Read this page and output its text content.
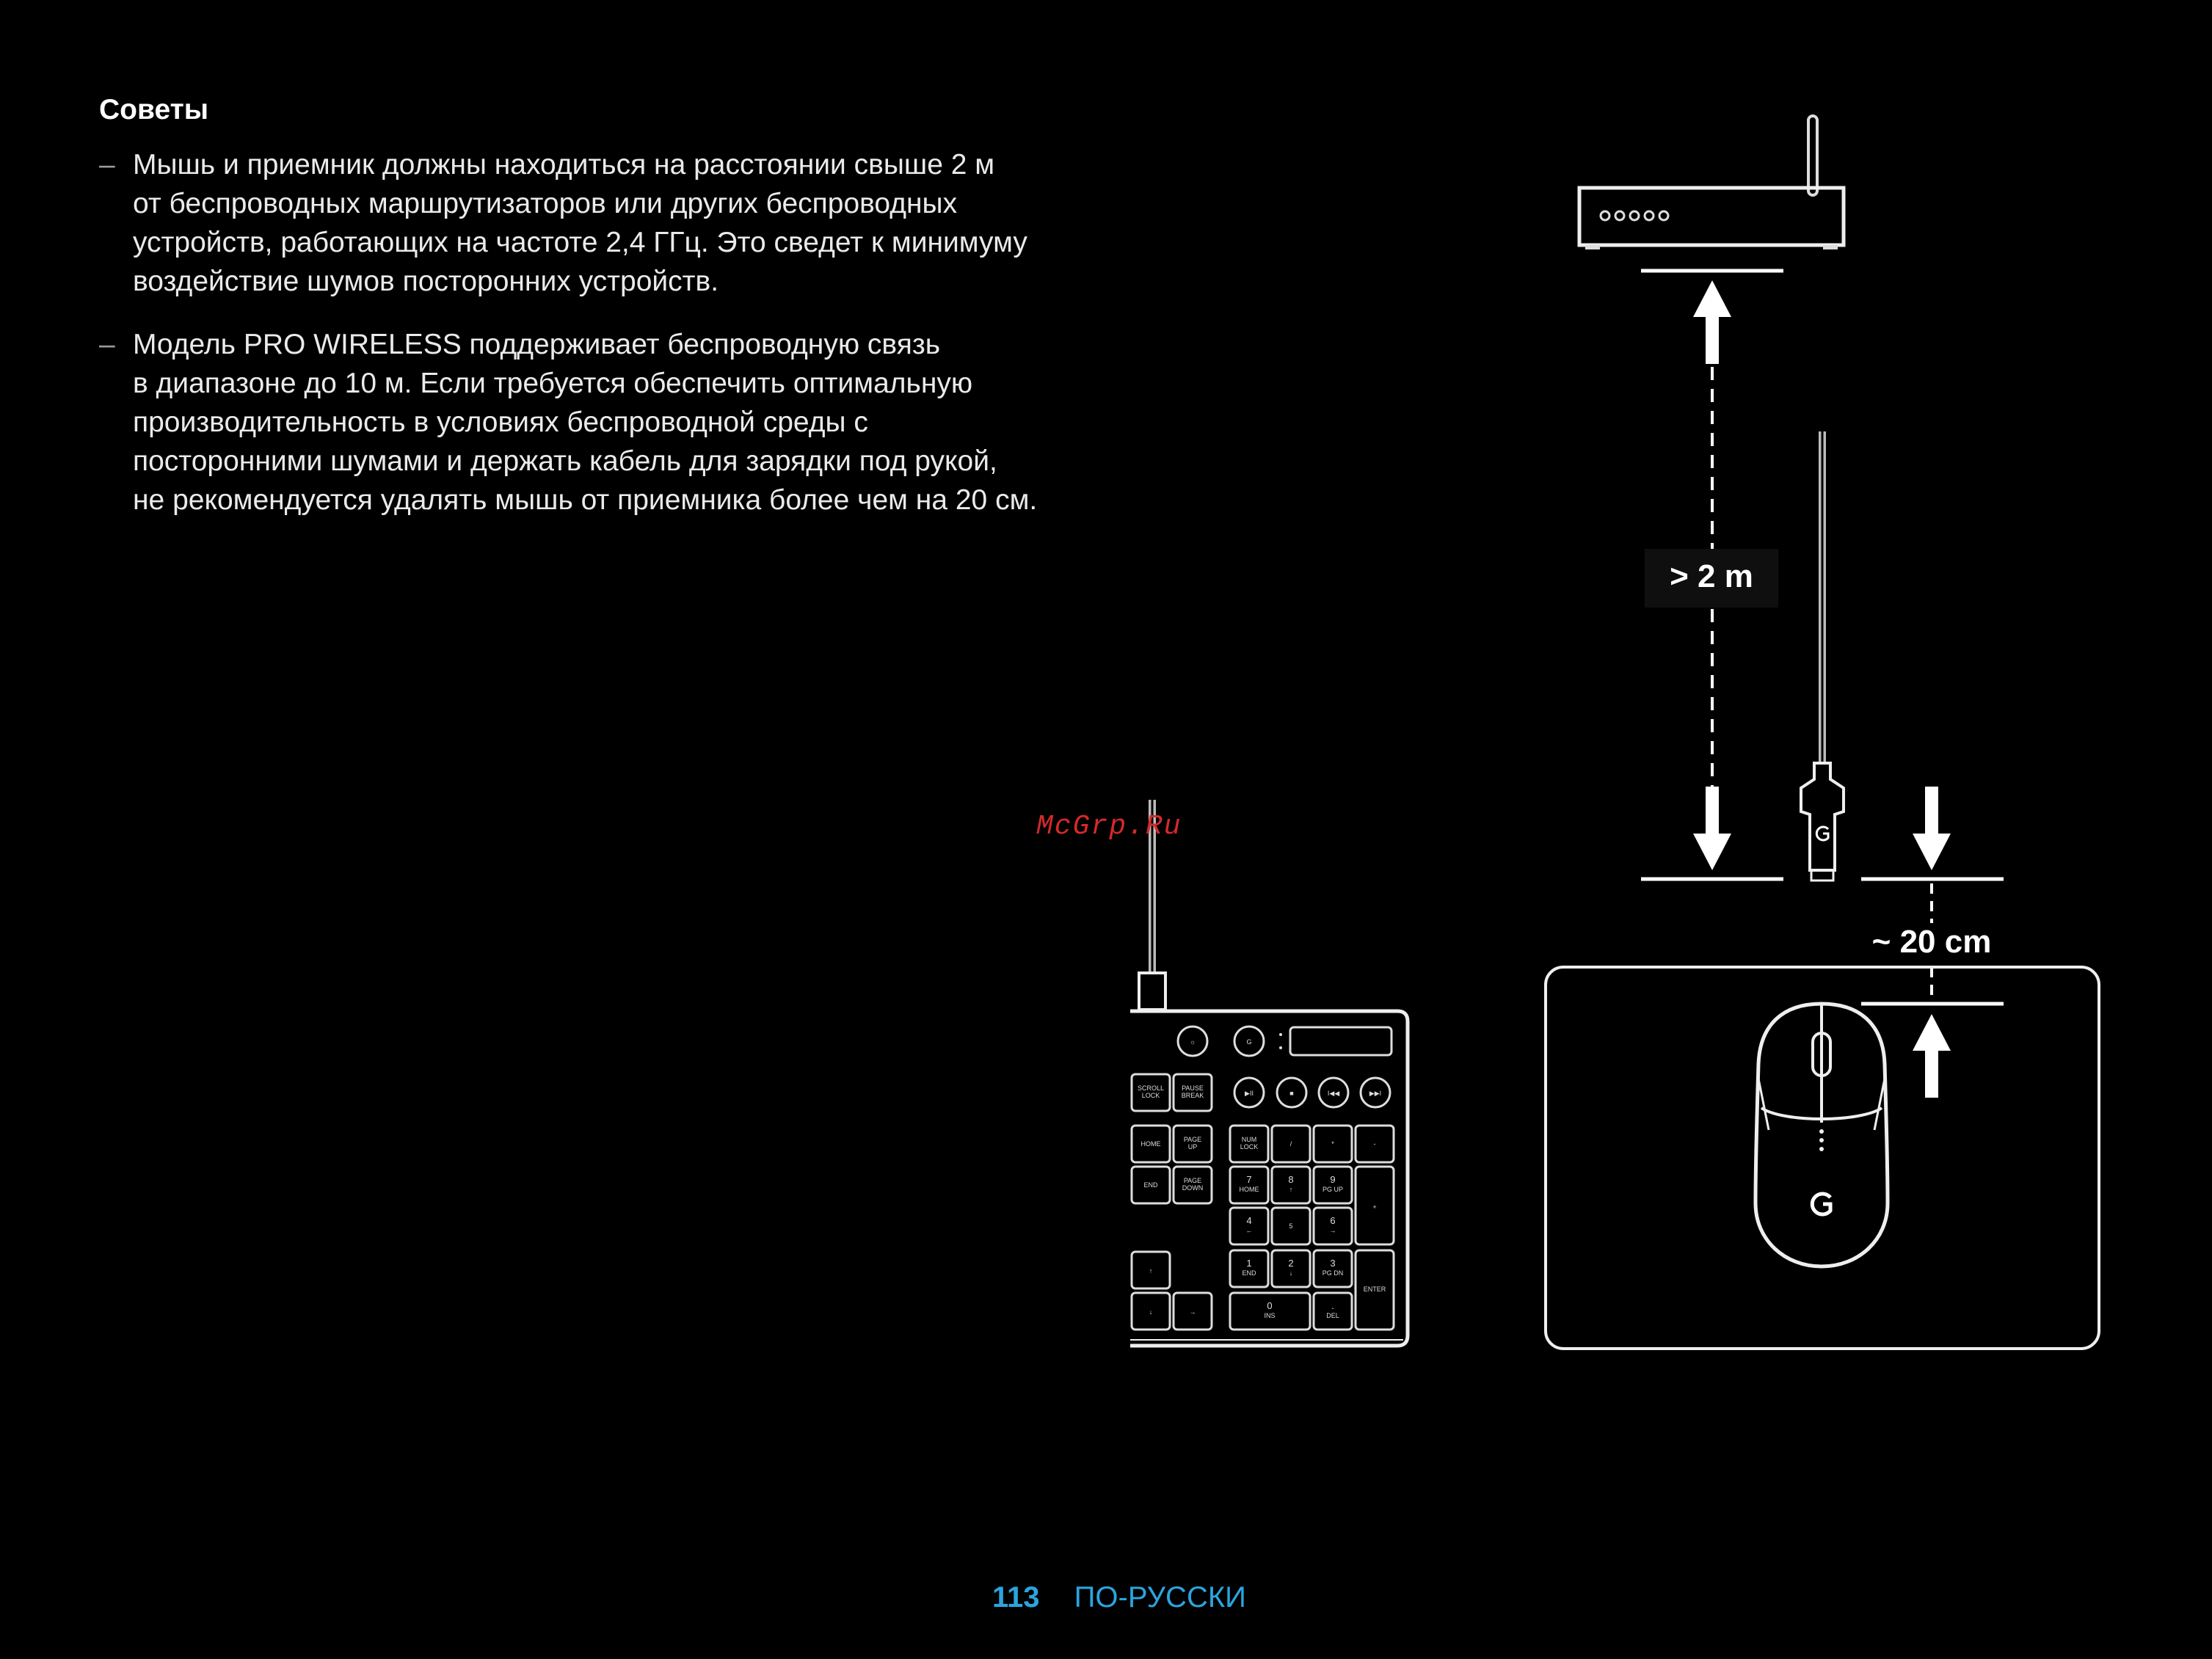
Советы
– Мышь и приемник должны находиться на расстоянии свыше 2 м
от беспроводных маршрутизаторов или других беспроводных
устройств, работающих на частоте 2,4 ГГц. Это сведет к минимуму
воздействие шумов посторонних устройств.
– Модель PRO WIRELESS поддерживает беспроводную связь
в диапазоне до 10 м. Если требуется обеспечить оптимальную
производительность в условиях беспроводной среды с
посторонними шумами и держать кабель для зарядки под рукой,
не рекомендуется удалять мышь от приемника более чем на 20 см.
> 2 m
~ 20 cm
☼	G
▶II	■	I◀◀	▶▶I
SCROLL LOCK
PAUSE BREAK
HOME
PAGE UP
END
PAGE DOWN
↑
↓	→
NUM LOCK	/	*	-
+
ENTER
7 HOME
8 ↑
9 PG UP
4 ←
5	6 →
1 END
2 ↓
3 PG DN
0 INS
. DEL
McGrp.Ru
113 ПО-РУССКИ
